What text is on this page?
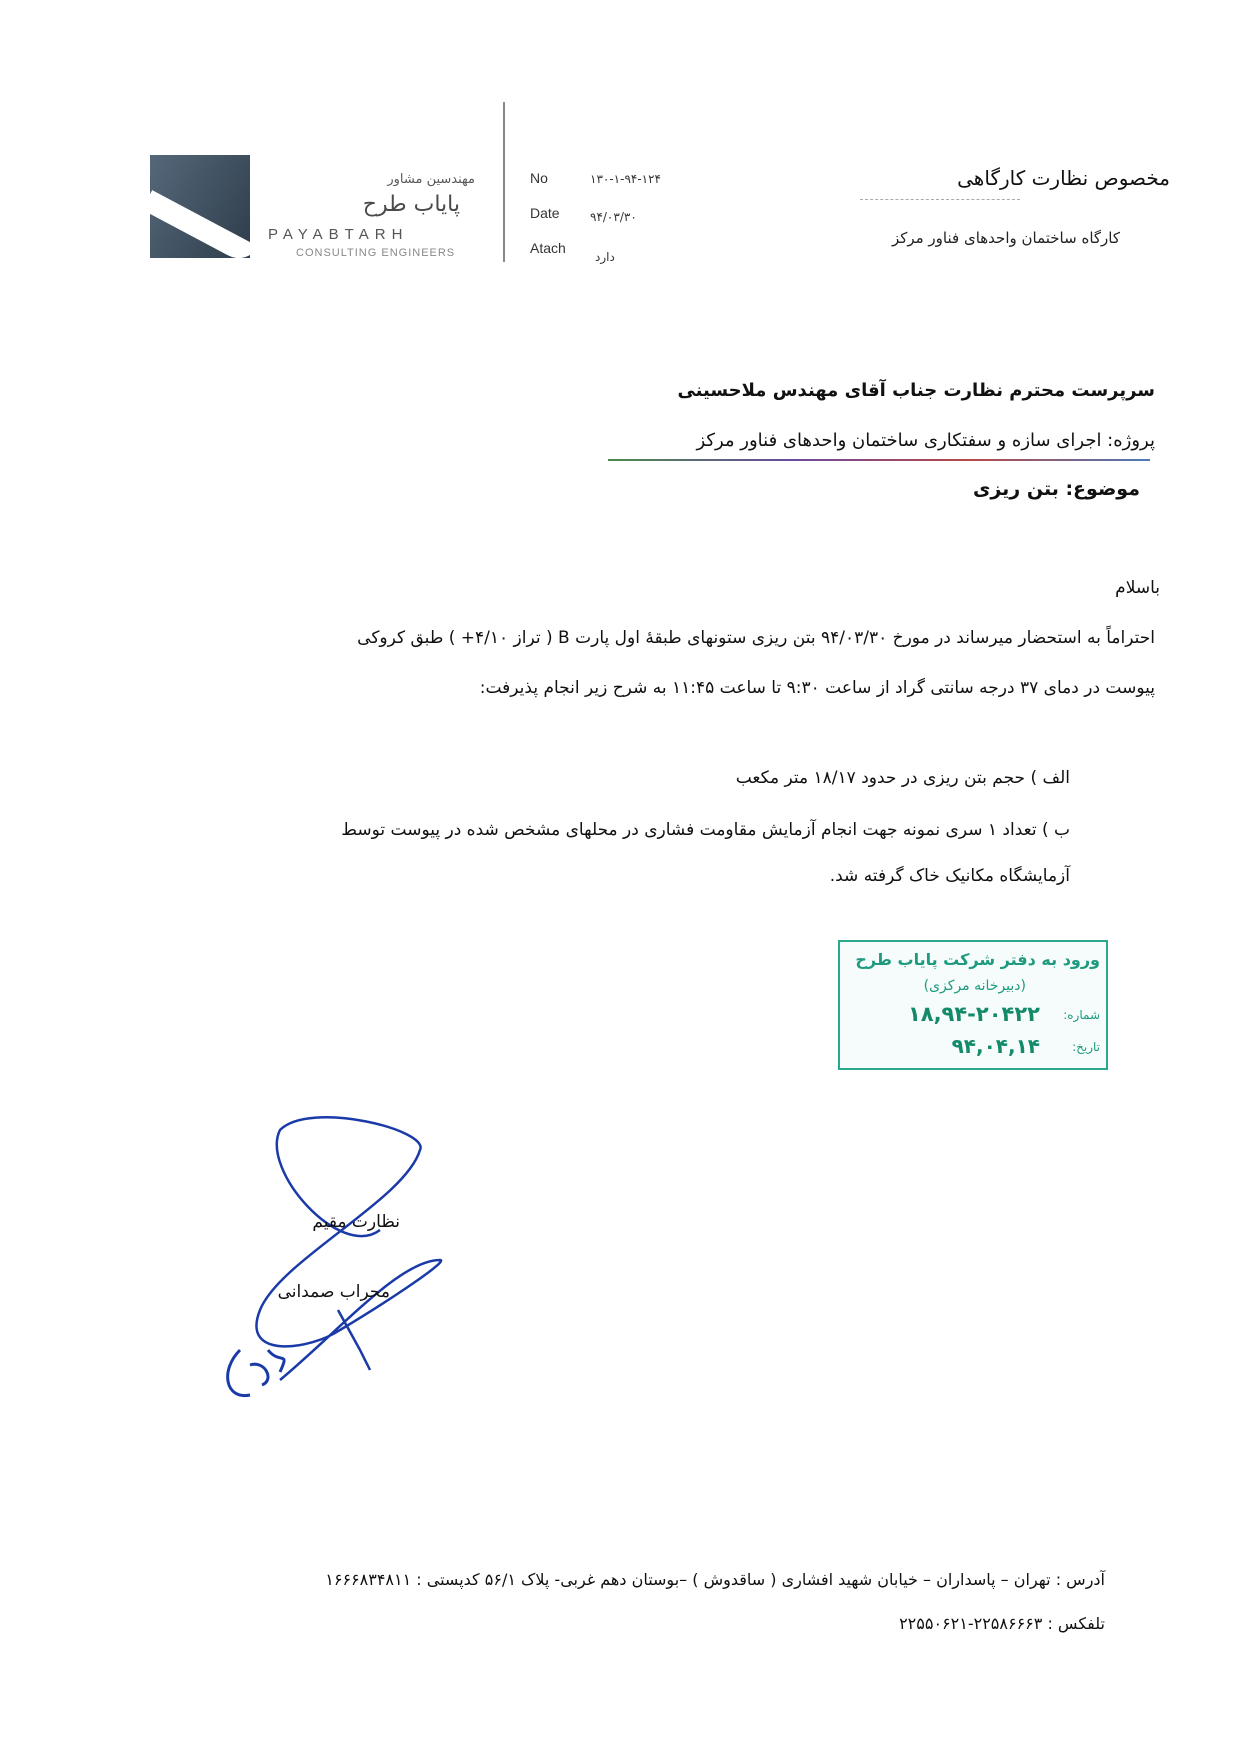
مهندسین مشاور
پایاب طرح
PAYABTARH
CONSULTING ENGINEERS
No	۱۳۰-۱-۹۴-۱۲۴
Date	۹۴/۰۳/۳۰
Atach
دارد
مخصوص نظارت کارگاهی
کارگاه ساختمان واحدهای فناور مرکز
سرپرست محترم نظارت جناب آقای مهندس ملاحسینی
پروژه: اجرای سازه و سفتکاری ساختمان واحدهای فناور مرکز
موضوع: بتن ریزی
باسلام
احتراماً به استحضار میرساند در مورخ ۹۴/۰۳/۳۰ بتن ریزی ستونهای طبقهٔ اول پارت B ( تراز ۴/۱۰+ ) طبق کروکی
پیوست در دمای ۳۷ درجه سانتی گراد از ساعت ۹:۳۰ تا ساعت ۱۱:۴۵ به شرح زیر انجام پذیرفت:
الف ) حجم بتن ریزی در حدود ۱۸/۱۷ متر مکعب
ب ) تعداد ۱ سری نمونه جهت انجام آزمایش مقاومت فشاری در محلهای مشخص شده در پیوست توسط
آزمایشگاه مکانیک خاک گرفته شد.
ورود به دفتر شرکت پایاب طرح
(دبیرخانه مرکزی)
شماره:
۱۸,۹۴-۲۰۴۲۲
تاریخ:
۹۴,۰۴,۱۴
نظارت مقیم
محراب صمدانی
آدرس : تهران – پاسداران – خیابان شهید افشاری ( ساقدوش ) –بوستان دهم غربی- پلاک ۵۶/۱ کدپستی : ۱۶۶۶۸۳۴۸۱۱
تلفکس : ۲۲۵۸۶۶۶۳-۲۲۵۵۰۶۲۱
